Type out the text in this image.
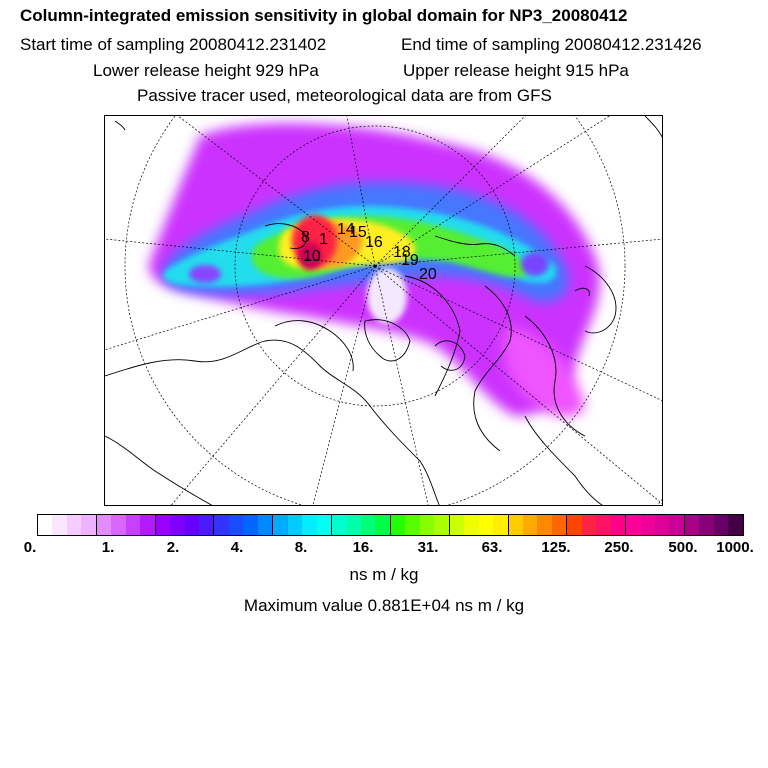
Column-integrated emission sensitivity in global domain for NP3_20080412
Start time of sampling 20080412.231402	End time of sampling 20080412.231426
Lower release height 929 hPa	Upper release height 915 hPa
Passive tracer used, meteorological data are from GFS
8 1
10
14
15
16
18
19
20
0.	1.	2.	4.	8.	16.	31.	63.	125. 250. 500. 1000.
ns m / kg
Maximum value 0.881E+04 ns m / kg
